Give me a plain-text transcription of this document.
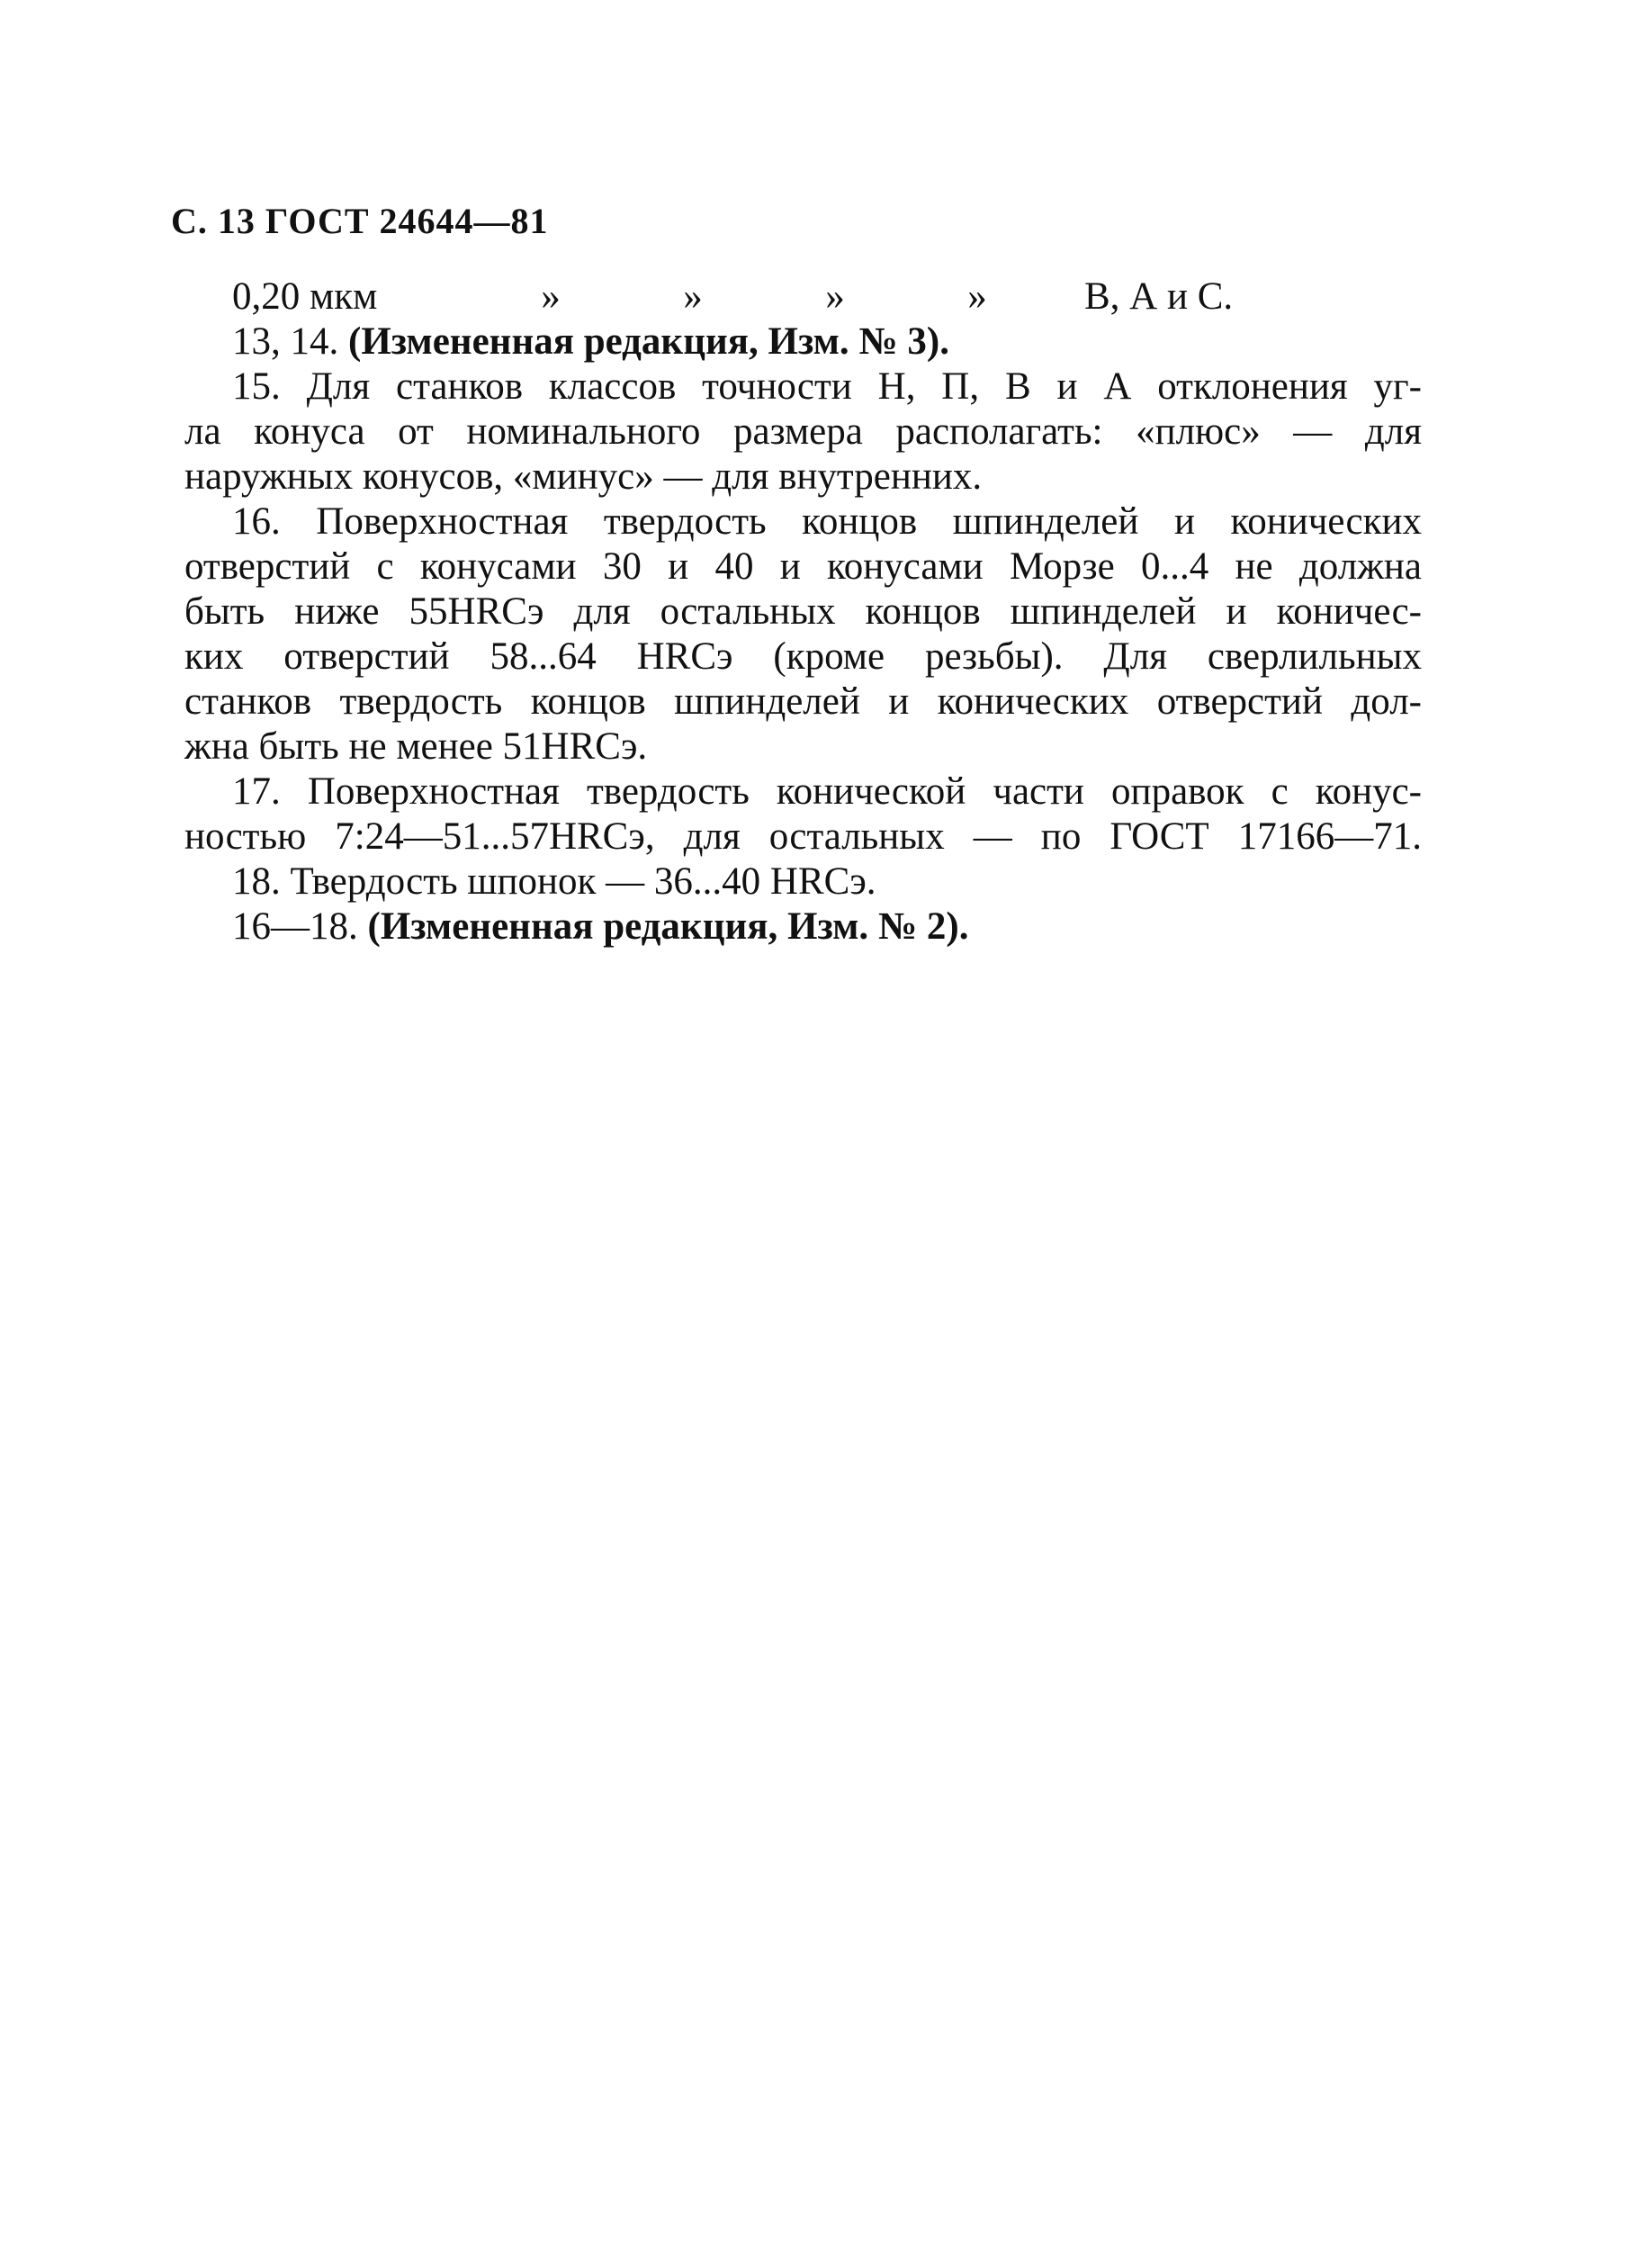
С. 13 ГОСТ 24644—81
0,20 мкм	»	»	»	»	В, А и С.
13, 14. (Измененная редакция, Изм. № 3).
15. Для станков классов точности Н, П, В и А отклонения уг-
ла конуса от номинального размера располагать: «плюс» — для
наружных конусов, «минус» — для внутренних.
16. Поверхностная твердость концов шпинделей и конических
отверстий с конусами 30 и 40 и конусами Морзе 0...4 не должна
быть ниже 55HRCэ для остальных концов шпинделей и коничес-
ких отверстий 58...64 HRCэ (кроме резьбы). Для сверлильных
станков твердость концов шпинделей и конических отверстий дол-
жна быть не менее 51HRCэ.
17. Поверхностная твердость конической части оправок с конус-
ностью 7:24—51...57HRCэ, для остальных — по ГОСТ 17166—71.
18. Твердость шпонок — 36...40 HRCэ.
16—18. (Измененная редакция, Изм. № 2).
